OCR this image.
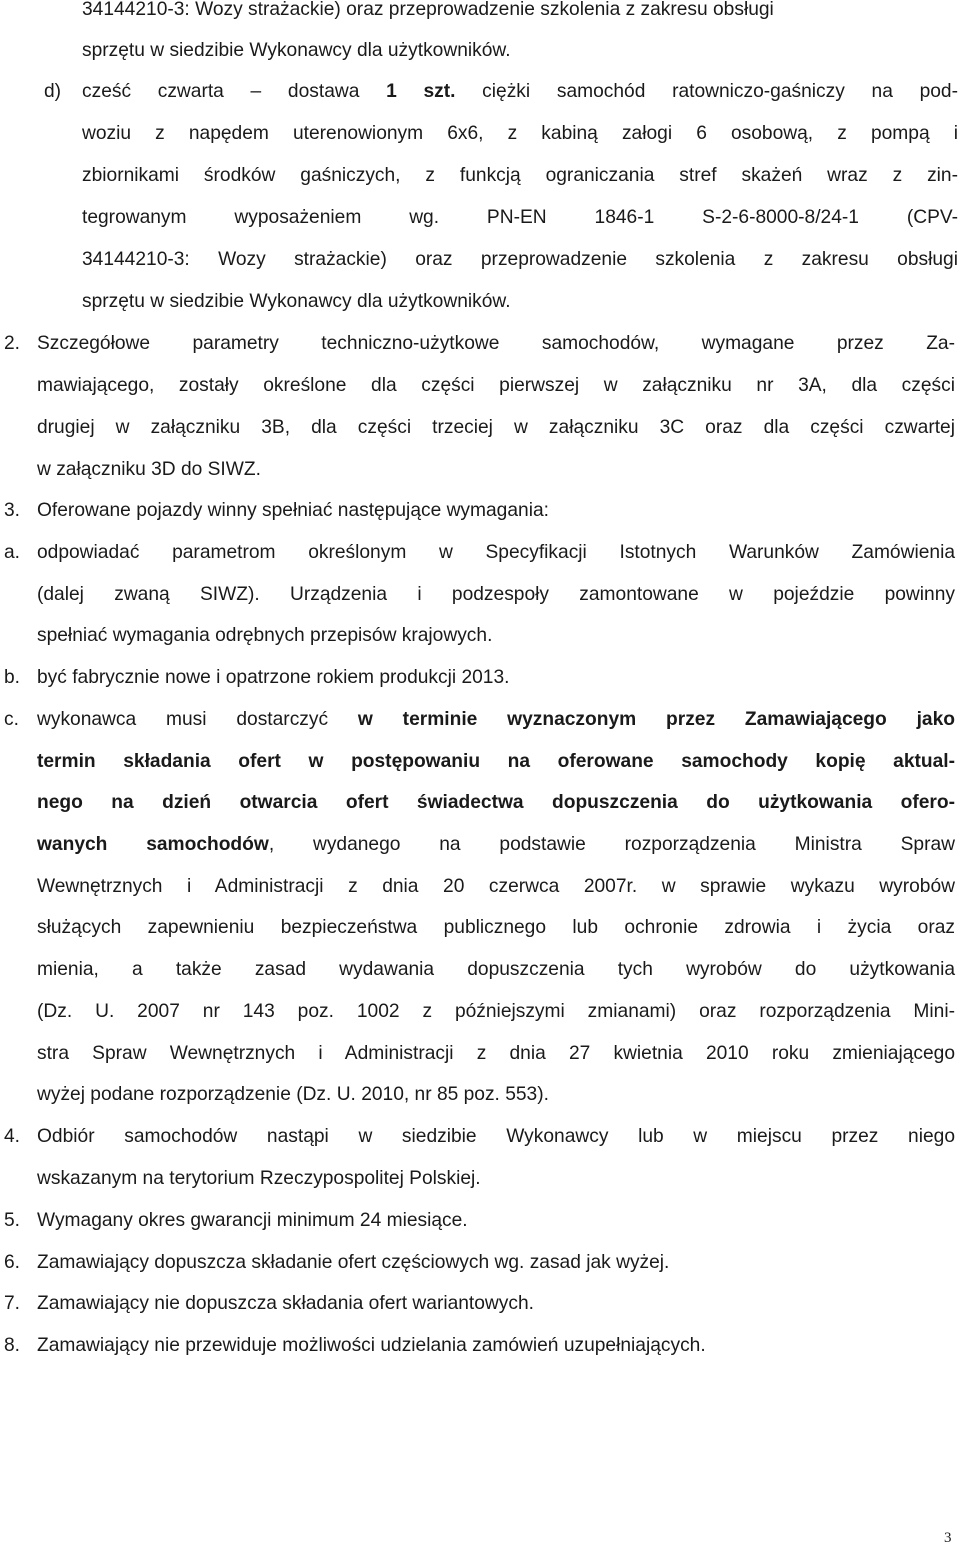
34144210-3: Wozy strażackie) oraz przeprowadzenie szkolenia z zakresu obsługi
sprzętu w siedzibie Wykonawcy dla użytkowników.
d) cześć czwarta – dostawa 1 szt. ciężki samochód ratowniczo-gaśniczy na pod-
woziu z napędem uterenowionym 6x6, z kabiną załogi 6 osobową, z pompą i
zbiornikami środków gaśniczych, z funkcją ograniczania stref skażeń wraz z zin-
tegrowanym wyposażeniem wg. PN-EN 1846-1 S-2-6-8000-8/24-1 (CPV-
34144210-3: Wozy strażackie) oraz przeprowadzenie szkolenia z zakresu obsługi
sprzętu w siedzibie Wykonawcy dla użytkowników.
2. Szczegółowe parametry techniczno-użytkowe samochodów, wymagane przez Za-
mawiającego, zostały określone dla części pierwszej w załączniku nr 3A, dla części
drugiej w załączniku 3B, dla części trzeciej w załączniku 3C oraz dla części czwartej
w załączniku 3D do SIWZ.
3. Oferowane pojazdy winny spełniać następujące wymagania:
a. odpowiadać parametrom określonym w Specyfikacji Istotnych Warunków Zamówienia
(dalej zwaną SIWZ). Urządzenia i podzespoły zamontowane w pojeździe powinny
spełniać wymagania odrębnych przepisów krajowych.
b. być fabrycznie nowe i opatrzone rokiem produkcji 2013.
c. wykonawca musi dostarczyć w terminie wyznaczonym przez Zamawiającego jako
termin składania ofert w postępowaniu na oferowane samochody kopię aktual-
nego na dzień otwarcia ofert świadectwa dopuszczenia do użytkowania ofero-
wanych samochodów, wydanego na podstawie rozporządzenia Ministra Spraw
Wewnętrznych i Administracji z dnia 20 czerwca 2007r. w sprawie wykazu wyrobów
służących zapewnieniu bezpieczeństwa publicznego lub ochronie zdrowia i życia oraz
mienia, a także zasad wydawania dopuszczenia tych wyrobów do użytkowania
(Dz. U. 2007 nr 143 poz. 1002 z późniejszymi zmianami) oraz rozporządzenia Mini-
stra Spraw Wewnętrznych i Administracji z dnia 27 kwietnia 2010 roku zmieniającego
wyżej podane rozporządzenie (Dz. U. 2010, nr 85 poz. 553).
4. Odbiór samochodów nastąpi w siedzibie Wykonawcy lub w miejscu przez niego
wskazanym na terytorium Rzeczypospolitej Polskiej.
5. Wymagany okres gwarancji minimum 24 miesiące.
6. Zamawiający dopuszcza składanie ofert częściowych wg. zasad jak wyżej.
7. Zamawiający nie dopuszcza składania ofert wariantowych.
8. Zamawiający nie przewiduje możliwości udzielania zamówień uzupełniających.
3
